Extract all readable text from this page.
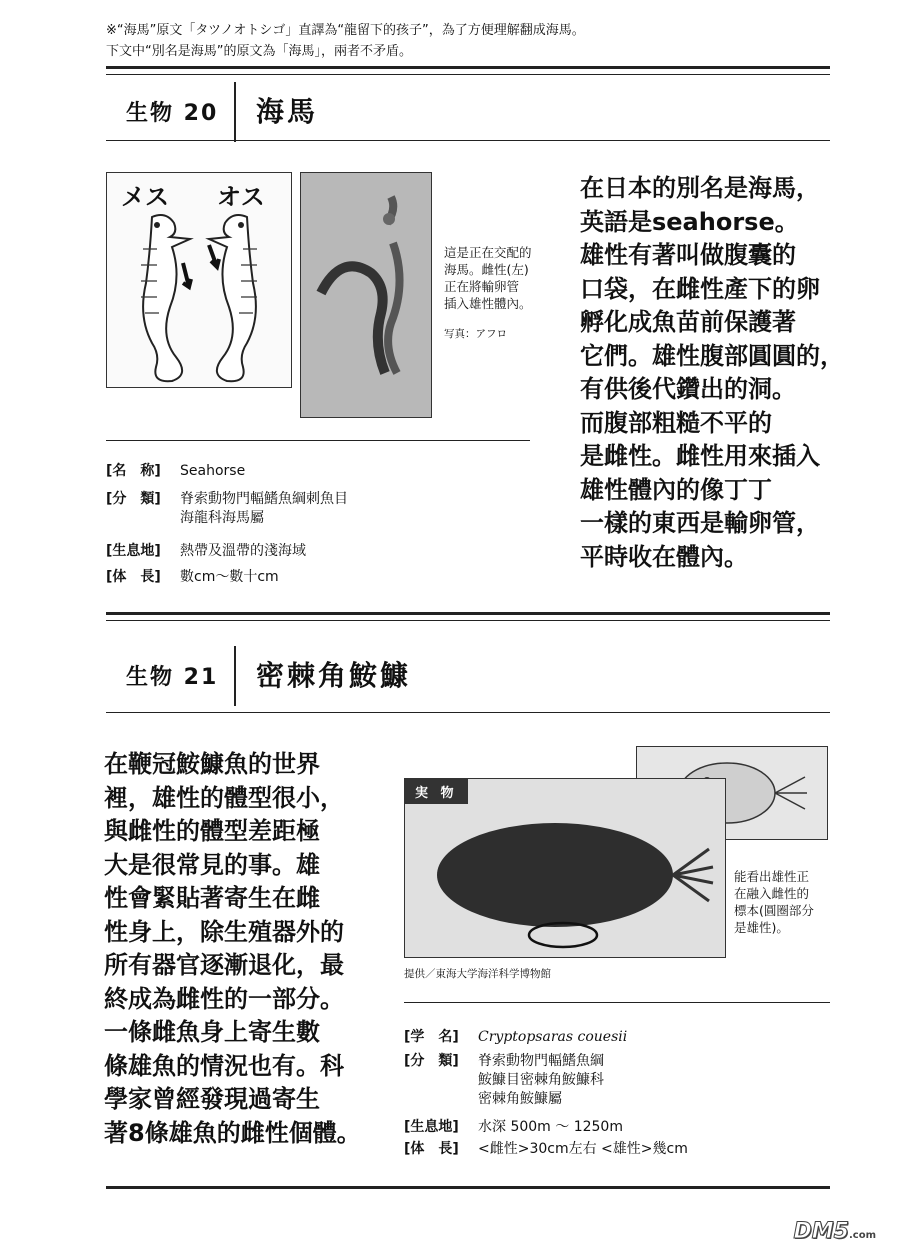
※“海馬”原文「タツノオトシゴ」直譯為“龍留下的孩子”，為了方便理解翻成海馬。
下文中“別名是海馬”的原文為「海馬」，兩者不矛盾。
生物 20 海馬
メス オス
這是正在交配的
海馬。雌性(左)
正在將輸卵管
插入雄性體內。
写真：アフロ
在日本的別名是海馬，
英語是seahorse。
雄性有著叫做腹囊的
口袋，在雌性產下的卵
孵化成魚苗前保護著
它們。雄性腹部圓圓的，
有供後代鑽出的洞。
而腹部粗糙不平的
是雌性。雌性用來插入
雄性體內的像丁丁
一樣的東西是輸卵管，
平時收在體內。
[名　称] Seahorse
[分　類] 脊索動物門輻鰭魚綱刺魚目
海龍科海馬屬
[生息地] 熱帶及溫帶的淺海域
[体　長] 數cm～數十cm
生物 21 密棘角鮟鱇
在鞭冠鮟鱇魚的世界
裡，雄性的體型很小，
與雌性的體型差距極
大是很常見的事。雄
性會緊貼著寄生在雌
性身上，除生殖器外的
所有器官逐漸退化，最
終成為雌性的一部分。
一條雌魚身上寄生數
條雄魚的情況也有。科
學家曾經發現過寄生
著8條雄魚的雌性個體。
実 物
能看出雄性正
在融入雌性的
標本(圓圈部分
是雄性)。
提供／東海大学海洋科学博物館
[学　名] Cryptopsaras couesii
[分　類] 脊索動物門輻鰭魚綱
鮟鱇目密棘角鮟鱇科
密棘角鮟鱇屬
[生息地] 水深 500m ～ 1250m
[体　長] <雌性>30cm左右 <雄性>幾cm
DM5.com
